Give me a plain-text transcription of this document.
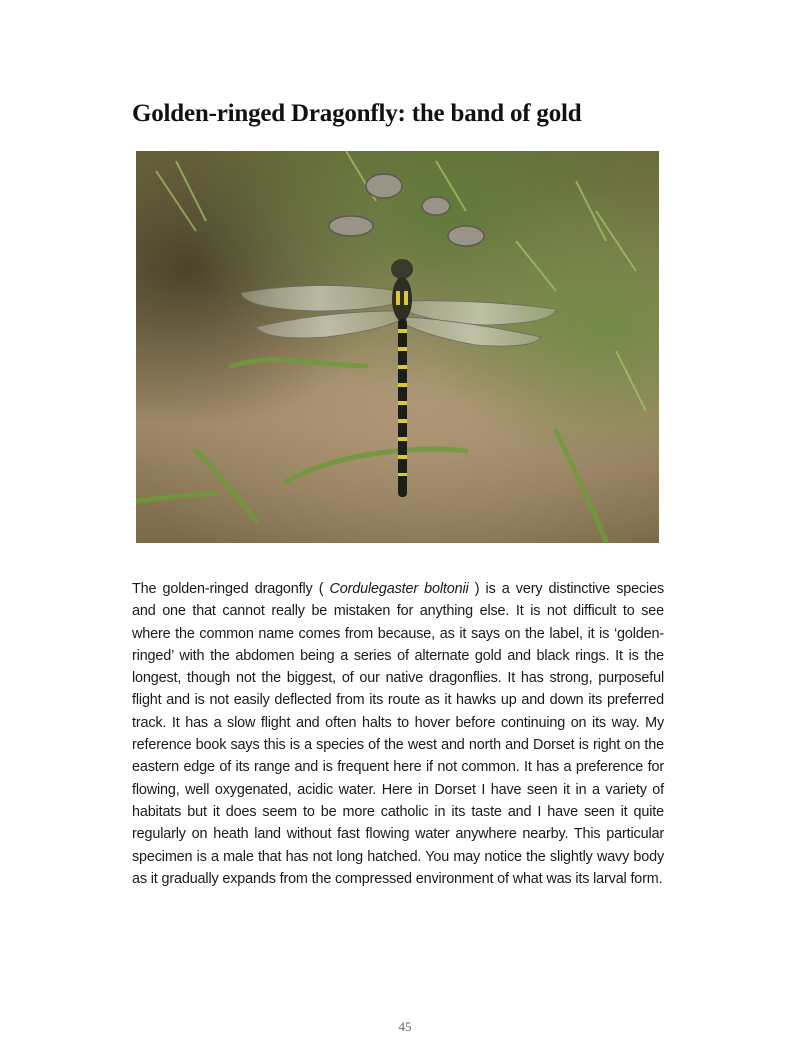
Golden-ringed Dragonfly: the band of gold

The golden-ringed dragonfly ( Cordulegaster boltonii ) is a very distinctive species and one that cannot really be mistaken for anything else. It is not difficult to see where the common name comes from because, as it says on the label, it is ‘golden-ringed’ with the abdomen being a series of alternate gold and black rings. It is the longest, though not the biggest, of our native dragonflies. It has strong, purposeful flight and is not easily deflected from its route as it hawks up and down its preferred track. It has a slow flight and often halts to hover before continuing on its way. My reference book says this is a species of the west and north and Dorset is right on the eastern edge of its range and is frequent here if not common. It has a preference for flowing, well oxygenated, acidic water. Here in Dorset I have seen it in a variety of habitats but it does seem to be more catholic in its taste and I have seen it quite regularly on heath land without fast flowing water anywhere nearby. This particular specimen is a male that has not long hatched. You may notice the slightly wavy body as it gradually expands from the compressed environment of what was its larval form.

45
